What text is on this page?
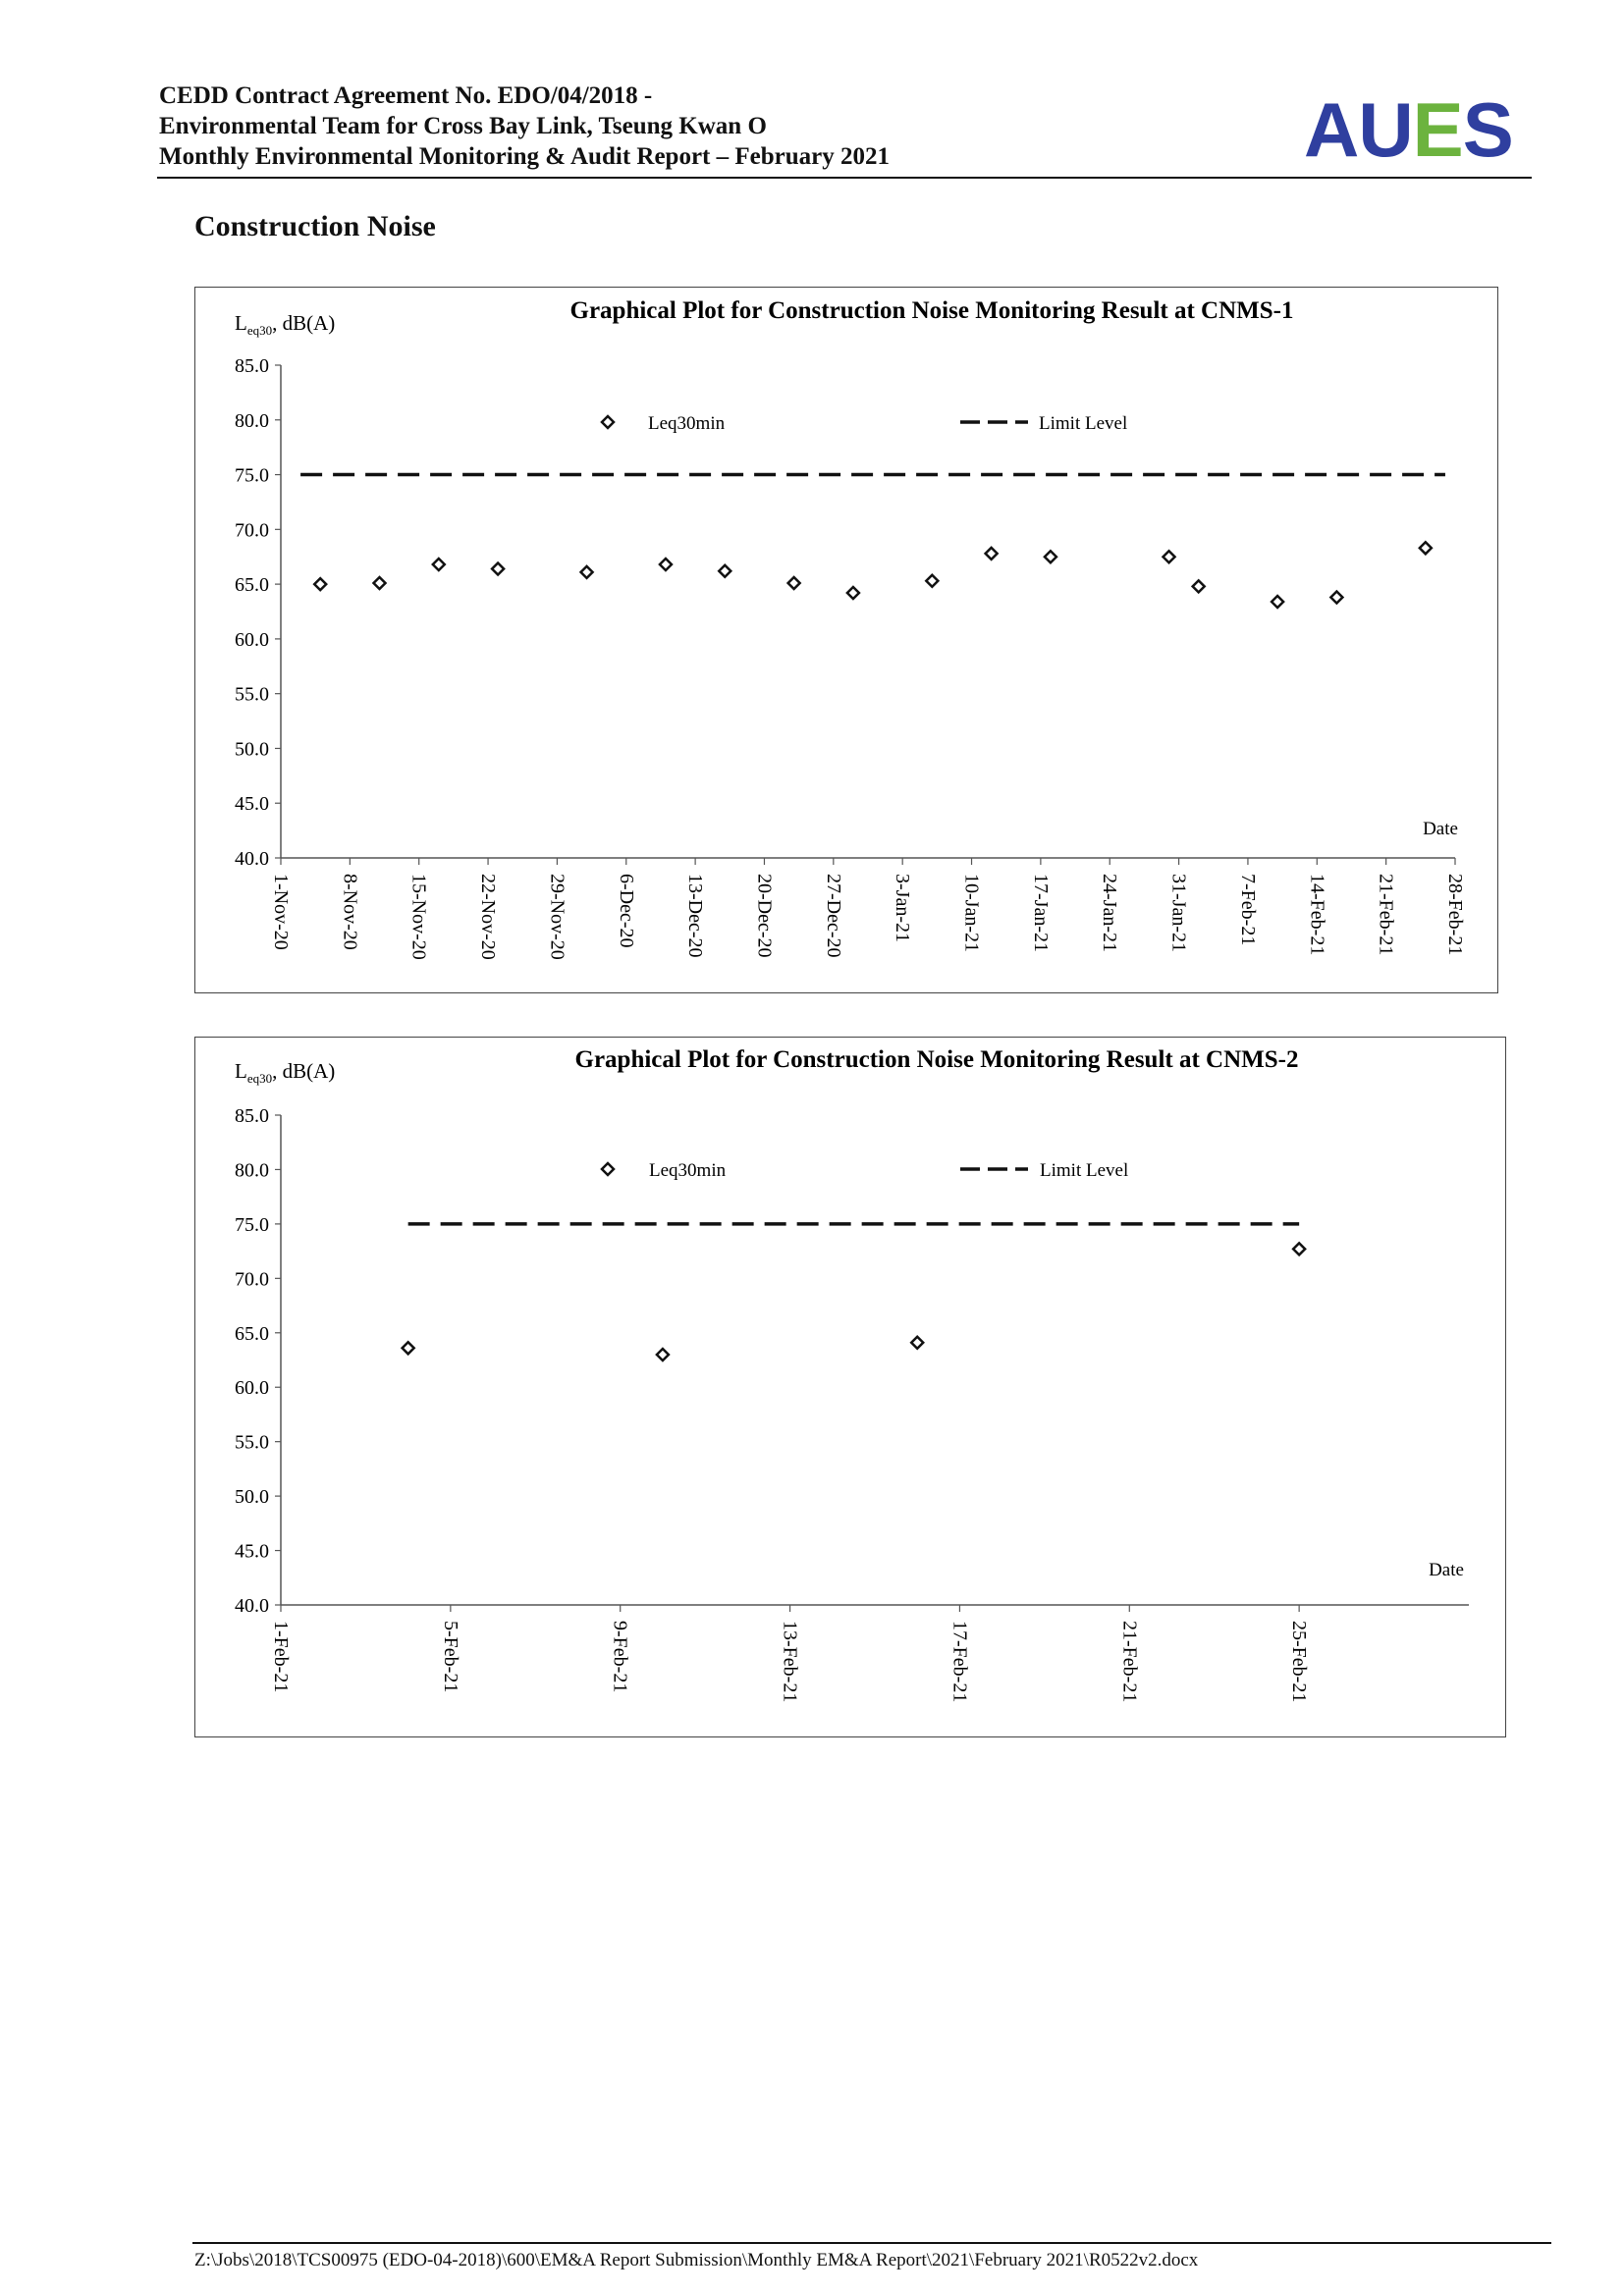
CEDD Contract Agreement No. EDO/04/2018 -
Environmental Team for Cross Bay Link, Tseung Kwan O
Monthly Environmental Monitoring & Audit Report – February 2021	AUES
Construction Noise
Graphical Plot for Construction Noise Monitoring Result at CNMS-1
$L_{eq30}$, dB(A)
85.0
80.0
75.0
70.0
65.0
60.0
55.0
50.0
45.0
40.0
1-Nov-20 8-Nov-20 15-Nov-20 22-Nov-20 29-Nov-20 6-Dec-20 13-Dec-20 20-Dec-20 27-Dec-20 3-Jan-21 10-Jan-21 17-Jan-21 24-Jan-21 31-Jan-21 7-Feb-21 14-Feb-21 21-Feb-21 28-Feb-21
Date
Leq30min	Limit Level
Graphical Plot for Construction Noise Monitoring Result at CNMS-2
$L_{eq30}$, dB(A)
85.0
80.0
75.0
70.0
65.0
60.0
55.0
50.0
45.0
40.0
1-Feb-21	5-Feb-21	9-Feb-21	13-Feb-21	17-Feb-21	21-Feb-21	25-Feb-21
Date
Leq30min	Limit Level
Z:\Jobs\2018\TCS00975 (EDO-04-2018)\600\EM&A Report Submission\Monthly EM&A Report\2021\February 2021\R0522v2.docx
